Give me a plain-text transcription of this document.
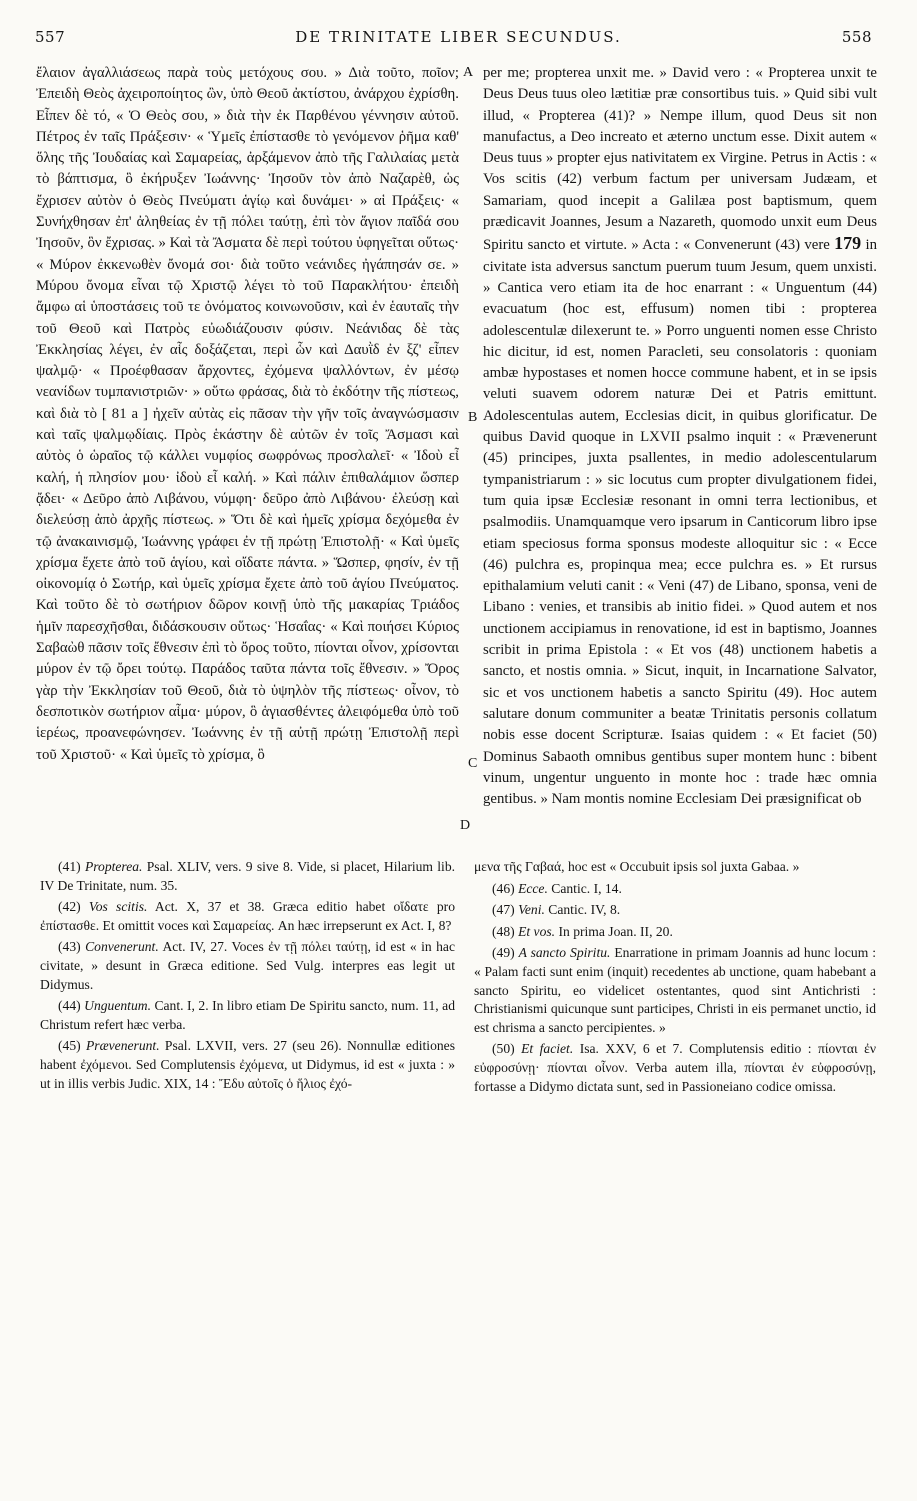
557	DE TRINITATE LIBER SECUNDUS.	558

ἔλαιον ἀγαλλιάσεως παρὰ τοὺς μετόχους σου. » Διὰ τοῦτο, ποῖον; Ἐπειδὴ Θεὸς ἀχειροποίητος ὢν, ὑπὸ Θεοῦ ἀκτίστου, ἀνάρχου ἐχρίσθη. Εἶπεν δὲ τό, « Ὁ Θεὸς σου, » διὰ τὴν ἐκ Παρθένου γέννησιν αὐτοῦ. Πέτρος ἐν ταῖς Πράξεσιν· « Ὑμεῖς ἐπίστασθε τὸ γενόμενον ῥῆμα καθ' ὅλης τῆς Ἰουδαίας καὶ Σαμαρείας, ἀρξάμενον ἀπὸ τῆς Γαλιλαίας μετὰ τὸ βάπτισμα, ὃ ἐκήρυξεν Ἰωάννης· Ἰησοῦν τὸν ἀπὸ Ναζαρὲθ, ὡς ἔχρισεν αὐτὸν ὁ Θεὸς Πνεύματι ἁγίῳ καὶ δυνάμει· » αἱ Πράξεις· « Συνήχθησαν ἐπ' ἀληθείας ἐν τῇ πόλει ταύτῃ, ἐπὶ τὸν ἅγιον παῖδά σου Ἰησοῦν, ὃν ἔχρισας. » Καὶ τὰ Ἄσματα δὲ περὶ τούτου ὑφηγεῖται οὕτως· « Μύρον ἐκκενωθὲν ὄνομά σοι· διὰ τοῦτο νεάνιδες ἠγάπησάν σε. » Μύρου ὄνομα εἶναι τῷ Χριστῷ λέγει τὸ τοῦ Παρακλήτου· ἐπειδὴ ἄμφω αἱ ὑποστάσεις τοῦ τε ὀνόματος κοινωνοῦσιν, καὶ ἐν ἑαυταῖς τὴν τοῦ Θεοῦ καὶ Πατρὸς εὐωδιάζουσιν φύσιν. Νεάνιδας δὲ τὰς Ἐκκλησίας λέγει, ἐν αἷς δοξάζεται, περὶ ὧν καὶ Δαυῒδ ἐν ξζ' εἶπεν ψαλμῷ· « Προέφθασαν ἄρχοντες, ἐχόμενα ψαλλόντων, ἐν μέσῳ νεανίδων τυμπανιστριῶν· » οὕτω φράσας, διὰ τὸ ἐκδότην τῆς πίστεως, καὶ διὰ τὸ [ 81 a ] ἠχεῖν αὐτὰς εἰς πᾶσαν τὴν γῆν τοῖς ἀναγνώσμασιν καὶ ταῖς ψαλμῳδίαις. Πρὸς ἑκάστην δὲ αὐτῶν ἐν τοῖς Ἄσμασι καὶ αὐτὸς ὁ ὡραῖος τῷ κάλλει νυμφίος σωφρόνως προσλαλεῖ· « Ἰδοὺ εἶ καλή, ἡ πλησίον μου· ἰδοὺ εἶ καλή. » Καὶ πάλιν ἐπιθαλάμιον ὥσπερ ᾄδει· « Δεῦρο ἀπὸ Λιβάνου, νύμφη· δεῦρο ἀπὸ Λιβάνου· ἐλεύσῃ καὶ διελεύσῃ ἀπὸ ἀρχῆς πίστεως. » Ὅτι δὲ καὶ ἡμεῖς χρίσμα δεχόμεθα ἐν τῷ ἀνακαινισμῷ, Ἰωάννης γράφει ἐν τῇ πρώτῃ Ἐπιστολῇ· « Καὶ ὑμεῖς χρίσμα ἔχετε ἀπὸ τοῦ ἁγίου, καὶ οἴδατε πάντα. » Ὥσπερ, φησίν, ἐν τῇ οἰκονομίᾳ ὁ Σωτήρ, καὶ ὑμεῖς χρίσμα ἔχετε ἀπὸ τοῦ ἁγίου Πνεύματος. Καὶ τοῦτο δὲ τὸ σωτήριον δῶρον κοινῇ ὑπὸ τῆς μακαρίας Τριάδος ἡμῖν παρεσχῆσθαι, διδάσκουσιν οὕτως· Ἡσαΐας· « Καὶ ποιήσει Κύριος Σαβαὼθ πᾶσιν τοῖς ἔθνεσιν ἐπὶ τὸ ὄρος τοῦτο, πίονται οἶνον, χρίσονται μύρον ἐν τῷ ὄρει τούτῳ. Παράδος ταῦτα πάντα τοῖς ἔθνεσιν. » Ὄρος γὰρ τὴν Ἐκκλησίαν τοῦ Θεοῦ, διὰ τὸ ὑψηλὸν τῆς πίστεως· οἶνον, τὸ δεσποτικὸν σωτήριον αἷμα· μύρον, ὃ ἁγιασθέντες ἀλειφόμεθα ὑπὸ τοῦ ἱερέως, προανεφώνησεν. Ἰωάννης ἐν τῇ αὐτῇ πρώτῃ Ἐπιστολῇ περὶ τοῦ Χριστοῦ· « Καὶ ὑμεῖς τὸ χρίσμα, ὃ

A
B
C
D

per me; propterea unxit me. » David vero : « Propterea unxit te Deus Deus tuus oleo lætitiæ præ consortibus tuis. » Quid sibi vult illud, « Propterea (41)? » Nempe illum, quod Deus sit non manufactus, a Deo increato et æterno unctum esse. Dixit autem « Deus tuus » propter ejus nativitatem ex Virgine. Petrus in Actis : « Vos scitis (42) verbum factum per universam Judæam, et Samariam, quod incepit a Galilæa post baptismum, quem prædicavit Joannes, Jesum a Nazareth, quomodo unxit eum Deus Spiritu sancto et virtute. » Acta : « Convenerunt (43) vere 179 in civitate ista adversus sanctum puerum tuum Jesum, quem unxisti. » Cantica vero etiam ita de hoc enarrant : « Unguentum (44) evacuatum (hoc est, effusum) nomen tibi : propterea adolescentulæ dilexerunt te. » Porro unguenti nomen esse Christo hic dicitur, id est, nomen Paracleti, seu consolatoris : quoniam ambæ hypostases et nomen hocce commune habent, et in se ipsis veluti suavem odorem naturæ Dei et Patris emittunt. Adolescentulas autem, Ecclesias dicit, in quibus glorificatur. De quibus David quoque in LXVII psalmo inquit : « Prævenerunt (45) principes, juxta psallentes, in medio adolescentularum tympanistriarum : » sic locutus cum propter divulgationem fidei, tum quia ipsæ Ecclesiæ resonant in omni terra lectionibus, et psalmodiis. Unamquamque vero ipsarum in Canticorum libro ipse etiam speciosus forma sponsus modeste alloquitur sic : « Ecce (46) pulchra es, propinqua mea; ecce pulchra es. » Et rursus epithalamium veluti canit : « Veni (47) de Libano, sponsa, veni de Libano : venies, et transibis ab initio fidei. » Quod autem et nos unctionem accipiamus in renovatione, id est in baptismo, Joannes scribit in prima Epistola : « Et vos (48) unctionem habetis a sancto, et nostis omnia. » Sicut, inquit, in Incarnatione Salvator, sic et vos unctionem habetis a sancto Spiritu (49). Hoc autem salutare donum communiter a beatæ Trinitatis personis collatum nobis esse docent Scripturæ. Isaias quidem : « Et faciet (50) Dominus Sabaoth omnibus gentibus super montem hunc : bibent vinum, ungentur unguento in monte hoc : trade hæc omnia gentibus. » Nam montis nomine Ecclesiam Dei præsignificat ob

(41) Propterea. Psal. XLIV, vers. 9 sive 8. Vide, si placet, Hilarium lib. IV De Trinitate, num. 35.

(42) Vos scitis. Act. X, 37 et 38. Græca editio habet οἴδατε pro ἐπίστασθε. Et omittit voces καὶ Σαμαρείας. An hæc irrepserunt ex Act. I, 8?

(43) Convenerunt. Act. IV, 27. Voces ἐν τῇ πόλει ταύτῃ, id est « in hac civitate, » desunt in Græca editione. Sed Vulg. interpres eas legit ut Didymus.

(44) Unguentum. Cant. I, 2. In libro etiam De Spiritu sancto, num. 11, ad Christum refert hæc verba.

(45) Prævenerunt. Psal. LXVII, vers. 27 (seu 26). Nonnullæ editiones habent ἐχόμενοι. Sed Complutensis ἐχόμενα, ut Didymus, id est « juxta : » ut in illis verbis Judic. XIX, 14 : Ἔδυ αὐτοῖς ὁ ἥλιος ἐχό-

μενα τῆς Γαβαά, hoc est « Occubuit ipsis sol juxta Gabaa. »

(46) Ecce. Cantic. I, 14.

(47) Veni. Cantic. IV, 8.

(48) Et vos. In prima Joan. II, 20.

(49) A sancto Spiritu. Enarratione in primam Joannis ad hunc locum : « Palam facti sunt enim (inquit) recedentes ab unctione, quam habebant a sancto Spiritu, eo videlicet ostentantes, quod sint Antichristi : Christianismi quicunque sunt participes, Christi in eis permanet unctio, id est chrisma a sancto percipientes. »

(50) Et faciet. Isa. XXV, 6 et 7. Complutensis editio : πίονται ἐν εὐφροσύνῃ· πίονται οἶνον. Verba autem illa, πίονται ἐν εὐφροσύνῃ, fortasse a Didymo dictata sunt, sed in Passioneiano codice omissa.
